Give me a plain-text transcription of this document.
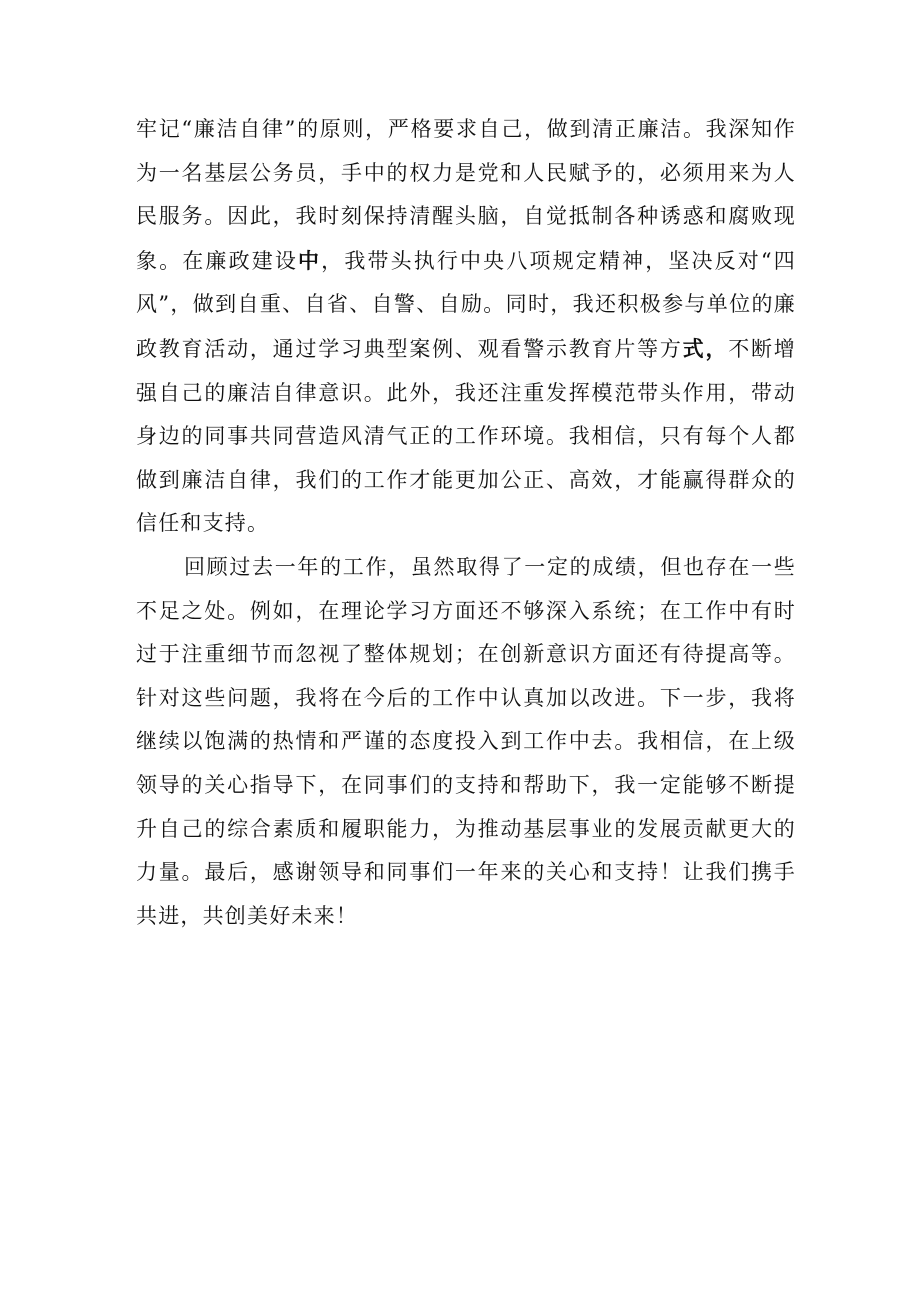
牢记“廉洁自律”的原则，严格要求自己，做到清正廉洁。我深知作为一名基层公务员，手中的权力是党和人民赋予的，必须用来为人民服务。因此，我时刻保持清醒头脑，自觉抵制各种诱惑和腐败现象。在廉政建设中，我带头执行中央八项规定精神，坚决反对“四风”，做到自重、自省、自警、自励。同时，我还积极参与单位的廉政教育活动，通过学习典型案例、观看警示教育片等方式，不断增强自己的廉洁自律意识。此外，我还注重发挥模范带头作用，带动身边的同事共同营造风清气正的工作环境。我相信，只有每个人都做到廉洁自律，我们的工作才能更加公正、高效，才能赢得群众的信任和支持。

回顾过去一年的工作，虽然取得了一定的成绩，但也存在一些不足之处。例如，在理论学习方面还不够深入系统；在工作中有时过于注重细节而忽视了整体规划；在创新意识方面还有待提高等。针对这些问题，我将在今后的工作中认真加以改进。下一步，我将继续以饱满的热情和严谨的态度投入到工作中去。我相信，在上级领导的关心指导下，在同事们的支持和帮助下，我一定能够不断提升自己的综合素质和履职能力，为推动基层事业的发展贡献更大的力量。最后，感谢领导和同事们一年来的关心和支持！让我们携手共进，共创美好未来！
